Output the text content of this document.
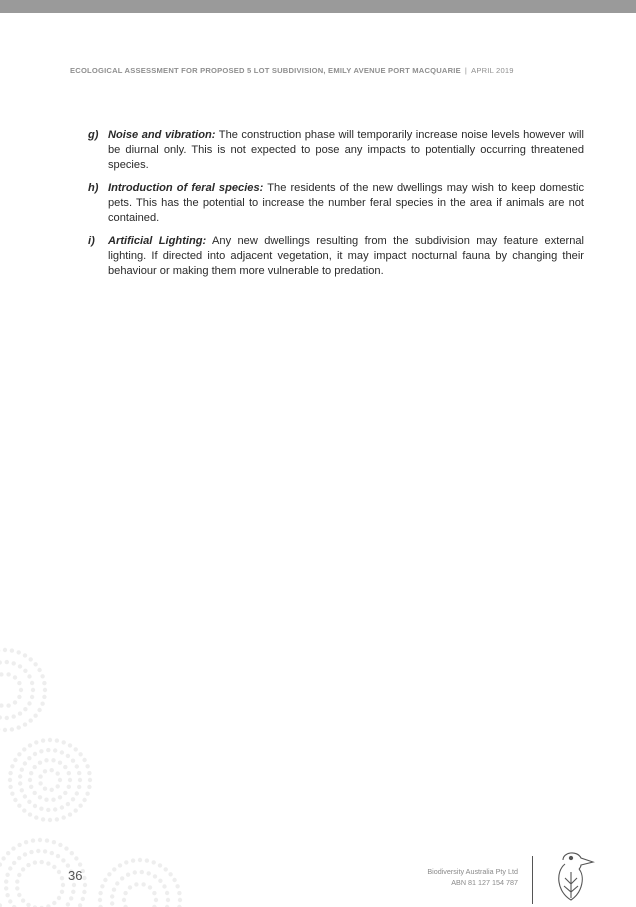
ECOLOGICAL ASSESSMENT FOR PROPOSED 5 LOT SUBDIVISION, EMILY AVENUE PORT MACQUARIE | APRIL 2019
g) Noise and vibration: The construction phase will temporarily increase noise levels however will be diurnal only. This is not expected to pose any impacts to potentially occurring threatened species.
h) Introduction of feral species: The residents of the new dwellings may wish to keep domestic pets. This has the potential to increase the number feral species in the area if animals are not contained.
i) Artificial Lighting: Any new dwellings resulting from the subdivision may feature external lighting. If directed into adjacent vegetation, it may impact nocturnal fauna by changing their behaviour or making them more vulnerable to predation.
36	Biodiversity Australia Pty Ltd
ABN 81 127 154 787
